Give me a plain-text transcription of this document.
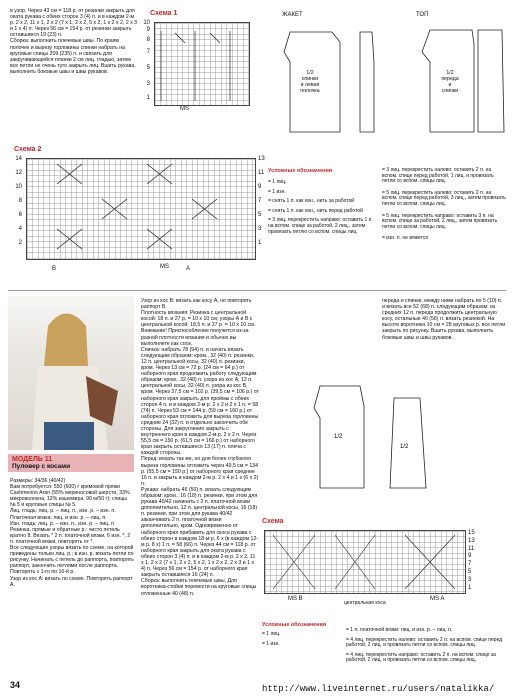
в узор. Через 43 см = 118 р. от резинки закрыть для оката рукава с обеих сторон 3 (4) п. и в каждом 2-м р. 2 х 2, 11 х 1, 2 х 2 (7 х 1, 2 х 2, 5 х 2, 1 х 2 х 2, 2 х 3 и 1 х 4) п. Через 56 см = 154 р. от резинки закрыть оставшиеся 19 (23) п.
Сборка: выполнить плечевые швы. По краям полочек и вырезу горловины спинки набрать на круговые спицы 209 (235) п. и связать для закручивающейся планки 2 см лиц. гладью, затем все петли не очень туго закрыть лиц. Вшить рукава, выполнить боковые швы и швы рукавов.
Схема 1
10
9
8
7
5
3
1
MS
ЖАКЕТ	ТОП
1/2
спинки
и левая
полочка
1/2
переда
и
спинки
Схема 2
14
12
10
8
6
4
2
13
11
9
7
5
3
1
B	MS	A
Условные обозначения
= 1 лиц.
= 1 изн.
= снять 1 п. как изн., нить за работой
= снять 1 п. как изн., нить перед работой
= 3 лиц. перекрестить направо: оставить 1 п. на вспом. спице за работой, 2 лиц., затем провязать петлю со вспом. спицы лиц.
= 3 лиц. перекрестить налево: оставить 2 п. на вспом. спице перед работой, 1 лиц. и провязать петли со вспом. спицы лиц.
= 5 лиц. перекрестить налево: оставить 2 п. на вспом. спице перед работой, 3 лиц., затем провязать петли со вспом. спицы лиц.
= 5 лиц. перекрестить направо: оставить 3 п. на вспом. спице за работой, 2 лиц., затем провязать петли со вспом. спицы лиц.
= изн. п. не вяжется
МОДЕЛЬ 11
Пуловер с косами
Размеры: 34/36 (40/42)
Вам потребуется: 550 (600) г кремовой пряжи Cashmerino Aran (55% мериносовой шерсти, 33% микроволокна, 12% кашемира, 90 м/50 г); спицы № 5 и круговые спицы № 5.
Лиц. гладь: лиц. р. – лиц. п., изн. р. – изн. п.
Платочная вязка: лиц. и изн. р. – лиц. п.
Изн. гладь: лиц. р. – изн. п., изн. р. – лиц. п.
Резинка, прямые и обратные р.: чисто петель кратно 8. Вязать * 2 п. платочной вязки, 6 изн. *, 2 п. платочной вязки, повторять от *.
Все следующие узоры вязать по схеме, на которой приведены только лиц. р.; в изн. р. вязать петли по рисунку. Начинать с петель до раппорта, повторять раппорт, закончить петлями после раппорта. Повторять с 1-го по 16-й р.
Узор из кос А: вязать по схеме. Повторять раппорт А.
Узор из кос В: вязать как косу А, но повторять раппорт В.
Плотность вязания: Резинка с центральной косой: 18 п. и 27 р. = 10 х 10 см; узоры А и В с центральной косой: 18,5 п. и 27 р. = 10 х 10 см.
Внимание! Приспособление получится из-за разной плотности вязания и обычно вы выполняете как сосе.
Спинка: набрать 78 (94) п. и начать вязать следующим образом: кром., 32 (40) п. резинки, 12 п. центральной косы, 32 (40) п. резинки, кром. Через 13 см = 72 р. (24 см = 64 р.) от наборного края продолжить работу следующим образом: кром., 32 (40) п. узора из кос А, 12 п. центральной косы, 32 (40) п. узора из кос В, кром. Через 37,5 см = 102 р. (39,5 см = 106 р.) от наборного края закрыть для проймы с обеих сторон 4 п. и в каждом 2-м р. 2 х 2 и 2 х 1 п. = 58 (74) п. Через 53 см = 144 р. (59 см = 160 р.) от наборного края отложить для выреза горловины средние 24 (32) п. и отдельно закончить обе стороны. Для закругления закрыть с внутреннего края в каждом 2-м р. 2 х 2 п. Через 55,5 см = 150 р. (61,5 см = 166 р.) от наборного края закрыть оставшиеся 13 (17) п. плеча с каждой стороны.
Перед: вязать так же, но для более глубокого выреза горловины отложить через 49,5 см = 134 р. (55,5 см = 150 р.) от наборного края средние 16 п. и закрыть в каждом 2-м р. 2 х 4 и 1 х (6 х 2) п.
Рукава: набрать 46 (50) п. вязать следующим образом: кром., 16 (18) п. резинки, при этом для рукава 40/42 начинать с 2 п. платочной вязки дополнительно, 12 п. центральной косы, 16 (18) п. резинки, при этом для рукава 40/42 заканчивать 2 п. платочной вязки дополнительно, кром. Одновременно от наборного края прибавить для скоса рукава с обеих сторон в каждом 18-м р. 6 х (в каждом 12-м р. 8 х) 1 п. = 58 (66) п. Через 44 см = 118 р. от наборного края закрыть для оката рукава с обеих сторон 3 (4) п. и в каждом 2-м р. 2 х 2, 11 х 1, 2 х 2 (7 х 1, 2 х 2, 5 х 2, 1 х 2 х 2, 2 х 3 и 1 х 4) п. Через 56 см = 154 р. от наборного края закрыть оставшиеся 16 (24) п.
Сборка: выполнить плечевые швы. Для воротника-стойки перевести на круговые спицы отложенные 40 (48) п.
переда и спинки, между ними набрать по 5 (10) п. и вязать все 52 (68) п. следующим образом: из средних 12 п. переда продолжить центральную косу, остальные 40 (56) п. вязать резинкой. На высоте воротника 10 см = 28 круговых р. все петли закрыть по рисунку. Вшить рукава, выполнить боковые швы и швы рукавов.
1/2
1/2
Схема
15
13
11
9
7
5
3
1
MS B
центральная коса
MS A
Условные обозначения
= 1 лиц.
= 1 изн.
= 1 п. платочной вязки: лиц. и изн. р. – лиц. п.
= 4 лиц. перекрестить налево: оставить 2 п. на вспом. спице перед работой, 2 лиц. и провязать петли со вспом. спицы лиц.
= 4 лиц. перекрестить направо: оставить 2 п. на вспом. спице за работой, 2 лиц. и провязать петли со вспом. спицы лиц.
34	http://www.liveinternet.ru/users/natalikka/
